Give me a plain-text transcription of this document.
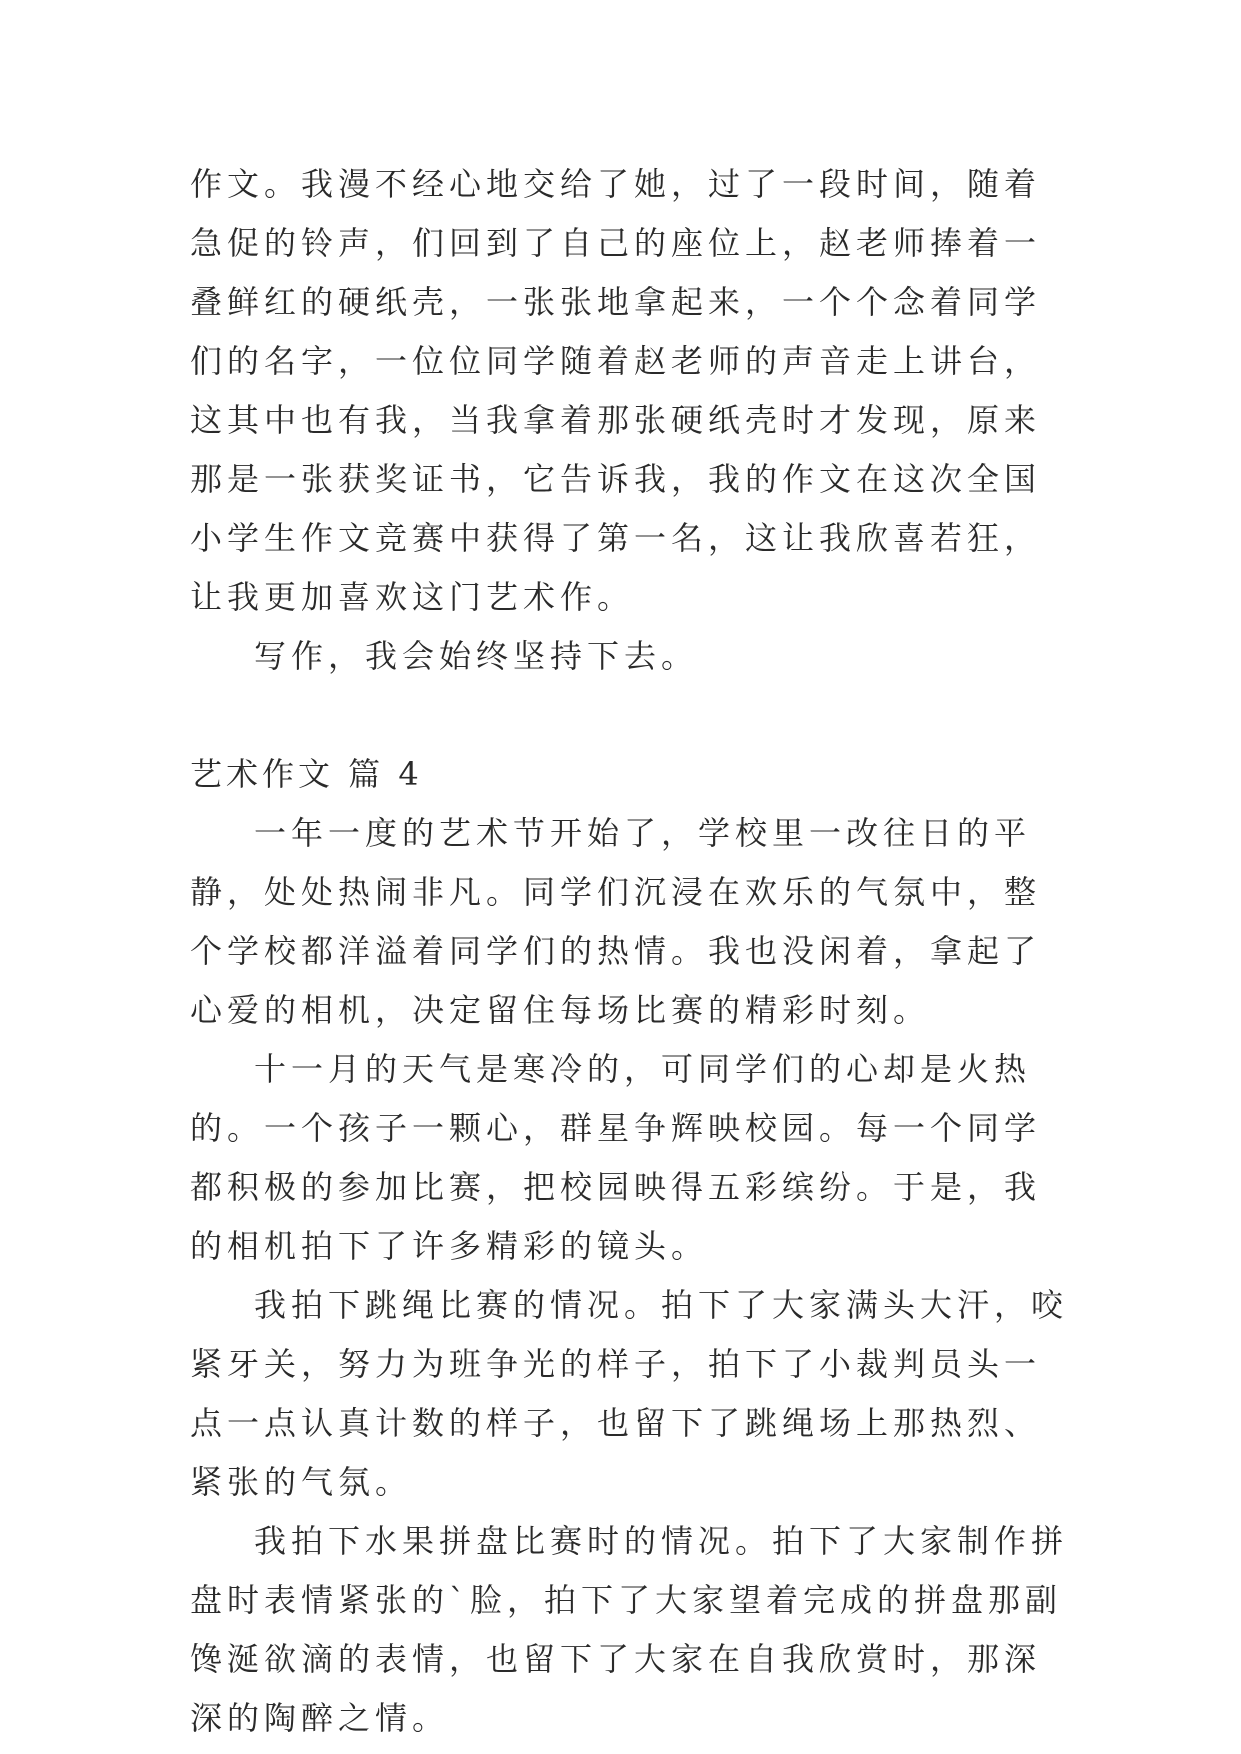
作文。我漫不经心地交给了她，过了一段时间，随着急促的铃声，们回到了自己的座位上，赵老师捧着一叠鲜红的硬纸壳，一张张地拿起来，一个个念着同学们的名字，一位位同学随着赵老师的声音走上讲台，这其中也有我，当我拿着那张硬纸壳时才发现，原来那是一张获奖证书，它告诉我，我的作文在这次全国小学生作文竞赛中获得了第一名，这让我欣喜若狂，让我更加喜欢这门艺术作。

写作，我会始终坚持下去。

艺术作文 篇 4

一年一度的艺术节开始了，学校里一改往日的平静，处处热闹非凡。同学们沉浸在欢乐的气氛中，整个学校都洋溢着同学们的热情。我也没闲着，拿起了心爱的相机，决定留住每场比赛的精彩时刻。

十一月的天气是寒冷的，可同学们的心却是火热的。一个孩子一颗心，群星争辉映校园。每一个同学都积极的参加比赛，把校园映得五彩缤纷。于是，我的相机拍下了许多精彩的镜头。

我拍下跳绳比赛的情况。拍下了大家满头大汗，咬紧牙关，努力为班争光的样子，拍下了小裁判员头一点一点认真计数的样子，也留下了跳绳场上那热烈、紧张的气氛。

我拍下水果拼盘比赛时的情况。拍下了大家制作拼盘时表情紧张的`脸，拍下了大家望着完成的拼盘那副馋涎欲滴的表情，也留下了大家在自我欣赏时，那深深的陶醉之情。
